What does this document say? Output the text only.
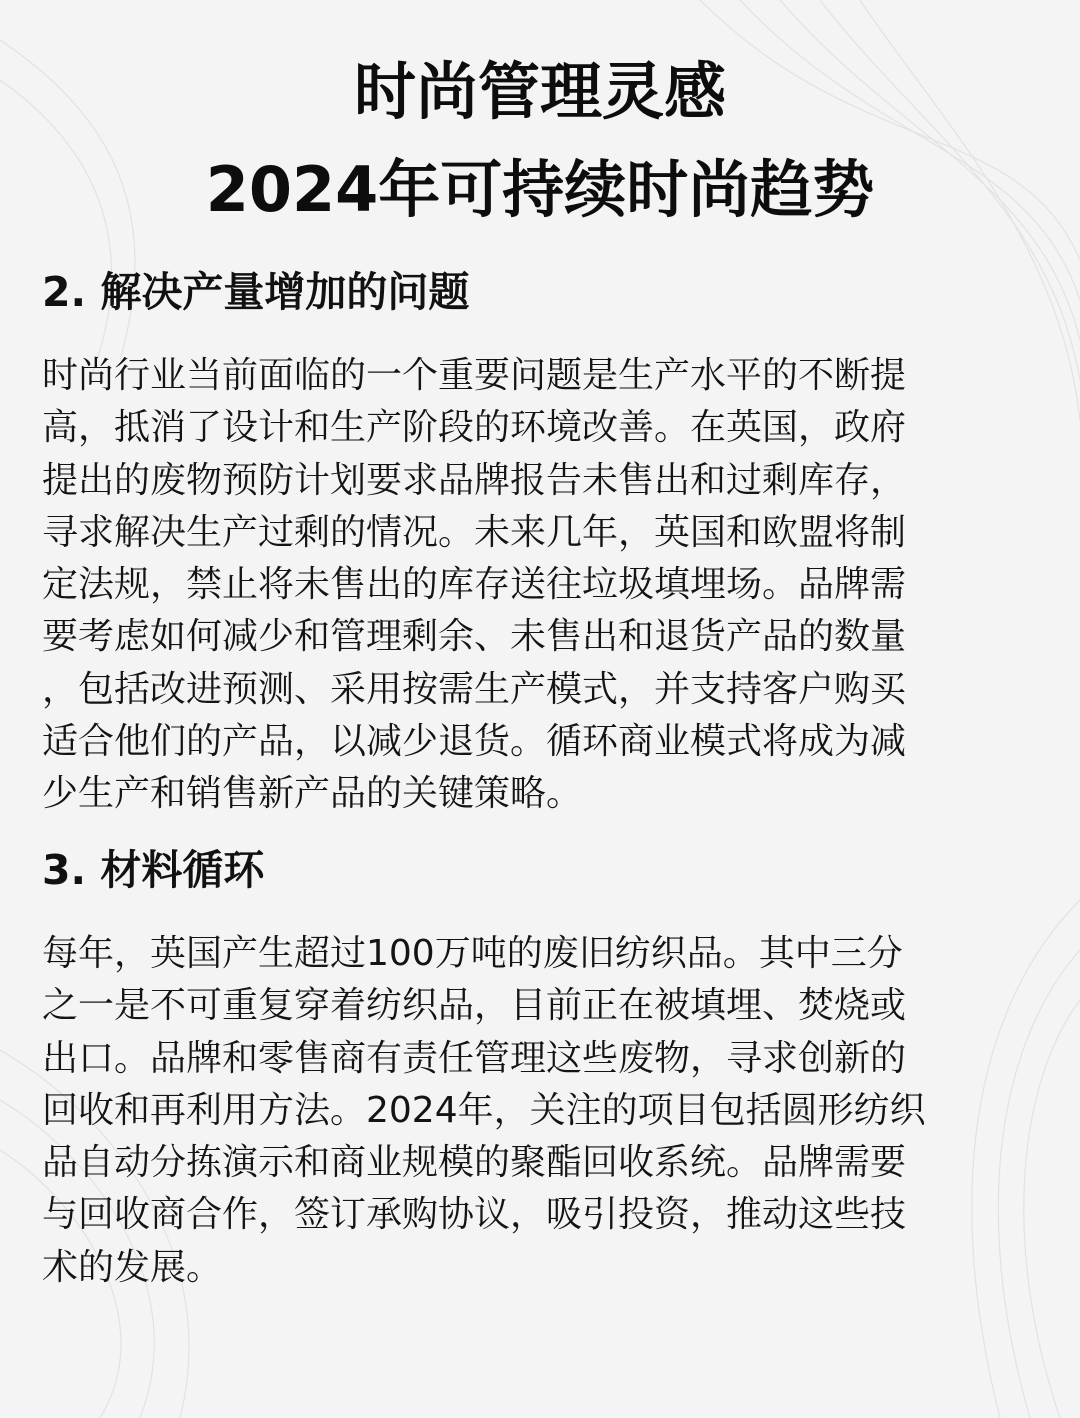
时尚管理灵感
2024年可持续时尚趋势
2. 解决产量增加的问题
时尚行业当前面临的一个重要问题是生产水平的不断提
高，抵消了设计和生产阶段的环境改善。在英国，政府
提出的废物预防计划要求品牌报告未售出和过剩库存，
寻求解决生产过剩的情况。未来几年，英国和欧盟将制
定法规，禁止将未售出的库存送往垃圾填埋场。品牌需
要考虑如何减少和管理剩余、未售出和退货产品的数量
，包括改进预测、采用按需生产模式，并支持客户购买
适合他们的产品，以减少退货。循环商业模式将成为减
少生产和销售新产品的关键策略。
3. 材料循环
每年，英国产生超过100万吨的废旧纺织品。其中三分
之一是不可重复穿着纺织品，目前正在被填埋、焚烧或
出口。品牌和零售商有责任管理这些废物，寻求创新的
回收和再利用方法。2024年，关注的项目包括圆形纺织
品自动分拣演示和商业规模的聚酯回收系统。品牌需要
与回收商合作，签订承购协议，吸引投资，推动这些技
术的发展。
